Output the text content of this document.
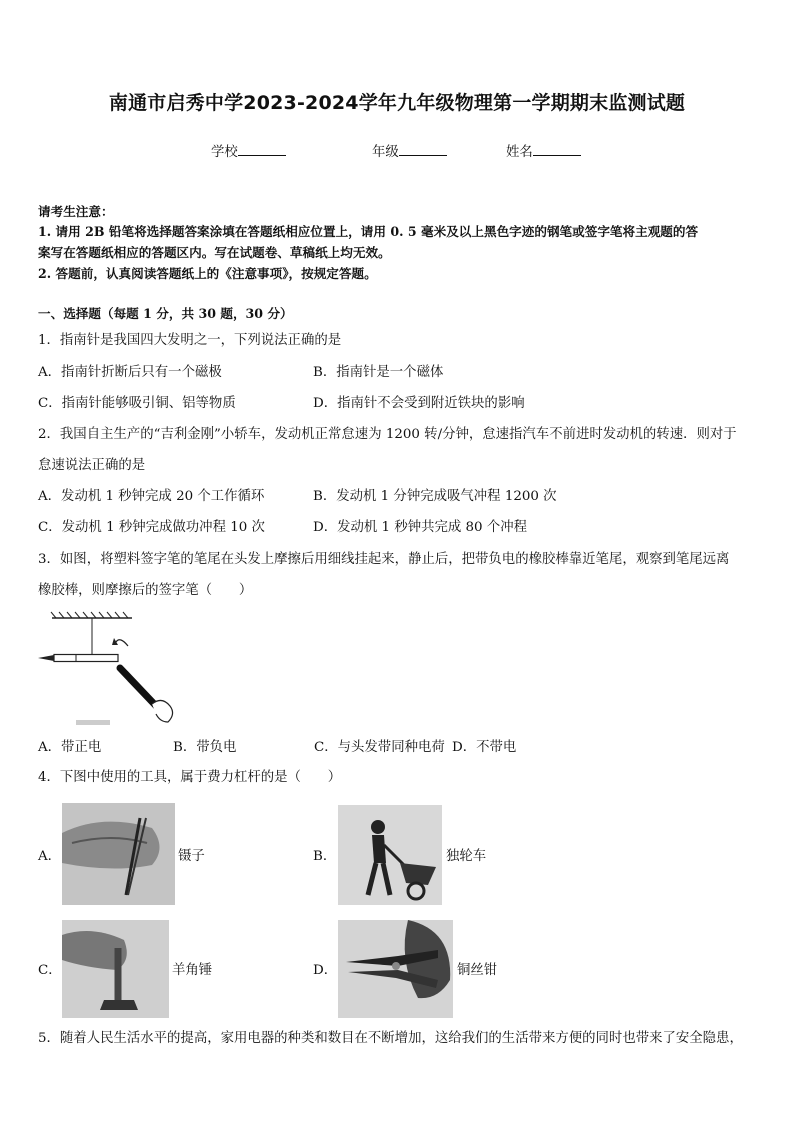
南通市启秀中学2023-2024学年九年级物理第一学期期末监测试题
学校	年级	姓名
请考生注意：
1. 请用 2B 铅笔将选择题答案涂填在答题纸相应位置上，请用 0. 5 毫米及以上黑色字迹的钢笔或签字笔将主观题的答
案写在答题纸相应的答题区内。写在试题卷、草稿纸上均无效。
2. 答题前，认真阅读答题纸上的《注意事项》，按规定答题。
一、选择题（每题 1 分，共 30 题，30 分）
1．指南针是我国四大发明之一，下列说法正确的是
A．指南针折断后只有一个磁极	B．指南针是一个磁体
C．指南针能够吸引铜、铝等物质	D．指南针不会受到附近铁块的影响
2．我国自主生产的“吉利金刚”小轿车，发动机正常怠速为 1200 转/分钟，怠速指汽车不前进时发动机的转速．则对于
怠速说法正确的是
A．发动机 1 秒钟完成 20 个工作循环	B．发动机 1 分钟完成吸气冲程 1200 次
C．发动机 1 秒钟完成做功冲程 10 次	D．发动机 1 秒钟共完成 80 个冲程
3．如图，将塑料签字笔的笔尾在头发上摩擦后用细线挂起来，静止后，把带负电的橡胶棒靠近笔尾，观察到笔尾远离
橡胶棒，则摩擦后的签字笔（　　）
A．带正电	B．带负电	C．与头发带同种电荷 D．不带电
4．下图中使用的工具，属于费力杠杆的是（　　）
A．	镊子	B．	独轮车
C．	羊角锤	D．	铜丝钳
5．随着人民生活水平的提高，家用电器的种类和数目在不断增加，这给我们的生活带来方便的同时也带来了安全隐患，
